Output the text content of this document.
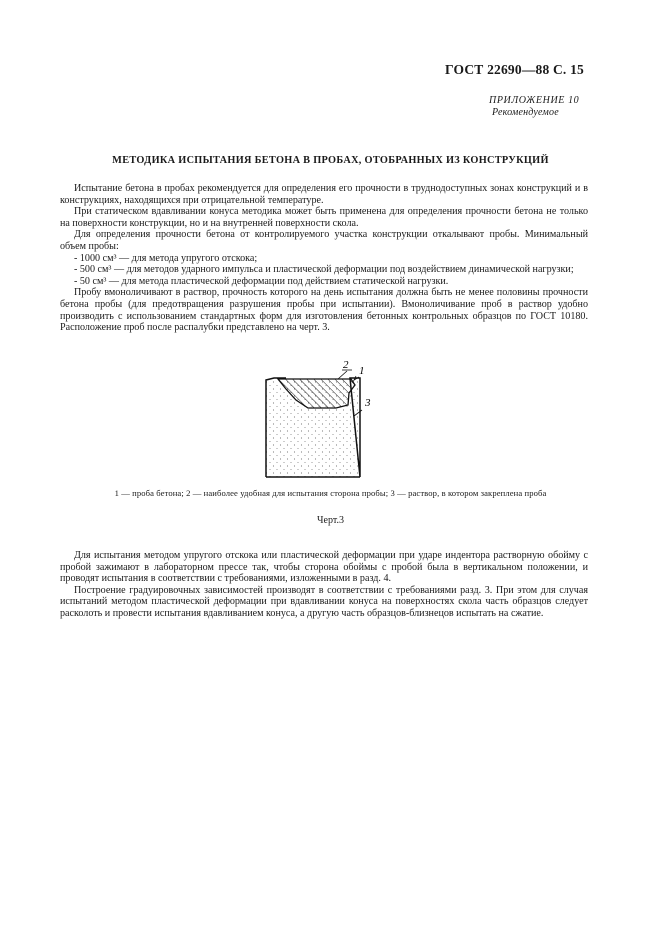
ГОСТ 22690—88 С. 15
ПРИЛОЖЕНИЕ 10
Рекомендуемое
МЕТОДИКА ИСПЫТАНИЯ БЕТОНА В ПРОБАХ, ОТОБРАННЫХ ИЗ КОНСТРУКЦИЙ

Испытание бетона в пробах рекомендуется для определения его прочности в труднодоступных зонах конструкций и в конструкциях, находящихся при отрицательной температуре.

При статическом вдавливании конуса методика может быть применена для определения прочности бетона не только на поверхности конструкции, но и на внутренней поверхности скола.

Для определения прочности бетона от контролируемого участка конструкции откалывают пробы. Минимальный объем пробы:

- 1000 см³ — для метода упругого отскока;
- 500 см³ — для методов ударного импульса и пластической деформации под воздействием динамической нагрузки;
- 50 см³ — для метода пластической деформации под действием статической нагрузки.

Пробу вмоноличивают в раствор, прочность которого на день испытания должна быть не менее половины прочности бетона пробы (для предотвращения разрушения пробы при испытании). Вмоноличивание проб в раствор удобно производить с использованием стандартных форм для изготовления бетонных контрольных образцов по ГОСТ 10180. Расположение проб после распалубки представлено на черт. 3.

2 1
3
1 — проба бетона; 2 — наиболее удобная для испытания сторона пробы; 3 — раствор, в котором закреплена проба
Черт.3

Для испытания методом упругого отскока или пластической деформации при ударе индентора растворную обойму с пробой зажимают в лабораторном прессе так, чтобы сторона обоймы с пробой была в вертикальном положении, и проводят испытания в соответствии с требованиями, изложенными в разд. 4.

Построение градуировочных зависимостей производят в соответствии с требованиями разд. 3. При этом для случая испытаний методом пластической деформации при вдавливании конуса на поверхностях скола часть образцов следует расколоть и провести испытания вдавливанием конуса, а другую часть образцов-близнецов испытать на сжатие.
